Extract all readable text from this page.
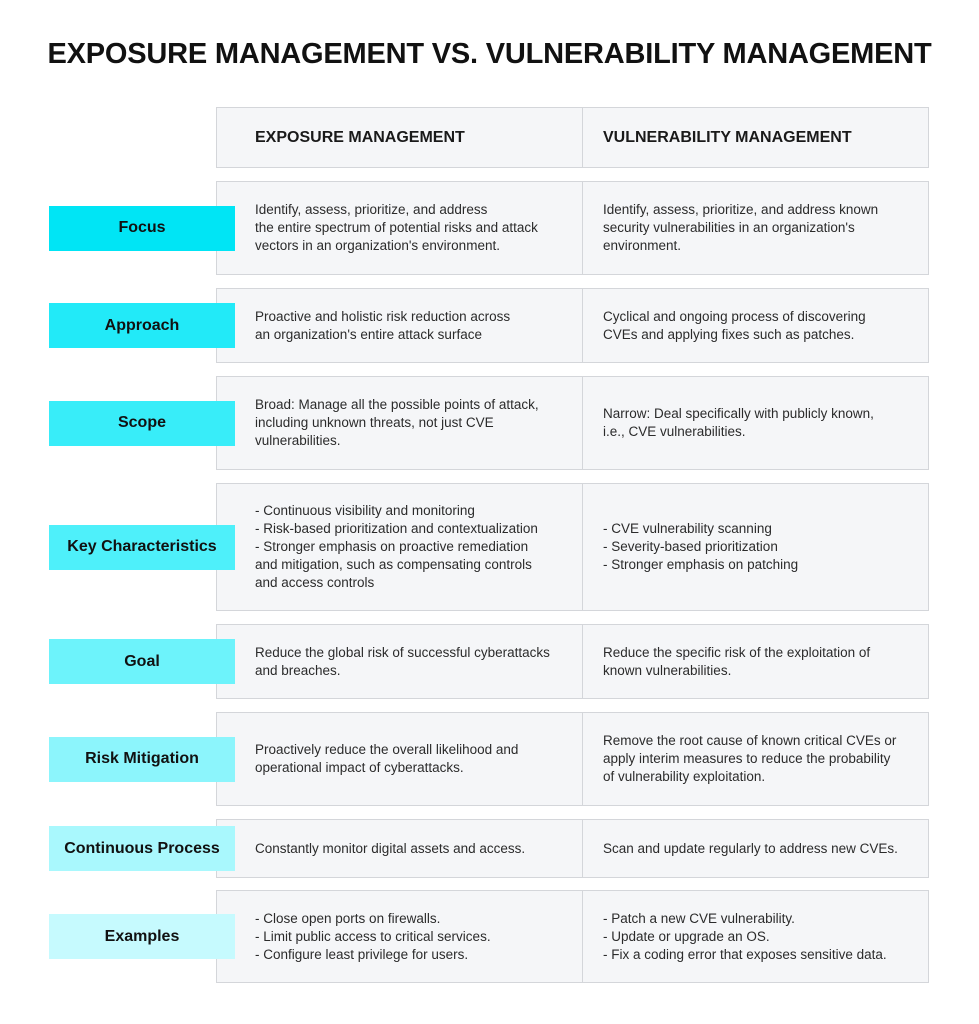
EXPOSURE MANAGEMENT VS. VULNERABILITY MANAGEMENT
EXPOSURE MANAGEMENT	VULNERABILITY MANAGEMENT
Identify, assess, prioritize, and address
the entire spectrum of potential risks and attack
vectors in an organization's environment.
Identify, assess, prioritize, and address known
security vulnerabilities in an organization's
environment.
Focus
Proactive and holistic risk reduction across
an organization's entire attack surface
Cyclical and ongoing process of discovering
CVEs and applying fixes such as patches.
Approach
Broad: Manage all the possible points of attack,
including unknown threats, not just CVE
vulnerabilities.
Narrow: Deal specifically with publicly known,
i.e., CVE vulnerabilities.
Scope
- Continuous visibility and monitoring
- Risk-based prioritization and contextualization
- Stronger emphasis on proactive remediation
and mitigation, such as compensating controls
and access controls
- CVE vulnerability scanning
- Severity-based prioritization
- Stronger emphasis on patching
Key Characteristics
Reduce the global risk of successful cyberattacks
and breaches.
Reduce the specific risk of the exploitation of
known vulnerabilities.
Goal
Proactively reduce the overall likelihood and
operational impact of cyberattacks.
Remove the root cause of known critical CVEs or
apply interim measures to reduce the probability
of vulnerability exploitation.
Risk Mitigation
Constantly monitor digital assets and access.	Scan and update regularly to address new CVEs.
Continuous Process
- Close open ports on firewalls.
- Limit public access to critical services.
- Configure least privilege for users.
- Patch a new CVE vulnerability.
- Update or upgrade an OS.
- Fix a coding error that exposes sensitive data.
Examples
